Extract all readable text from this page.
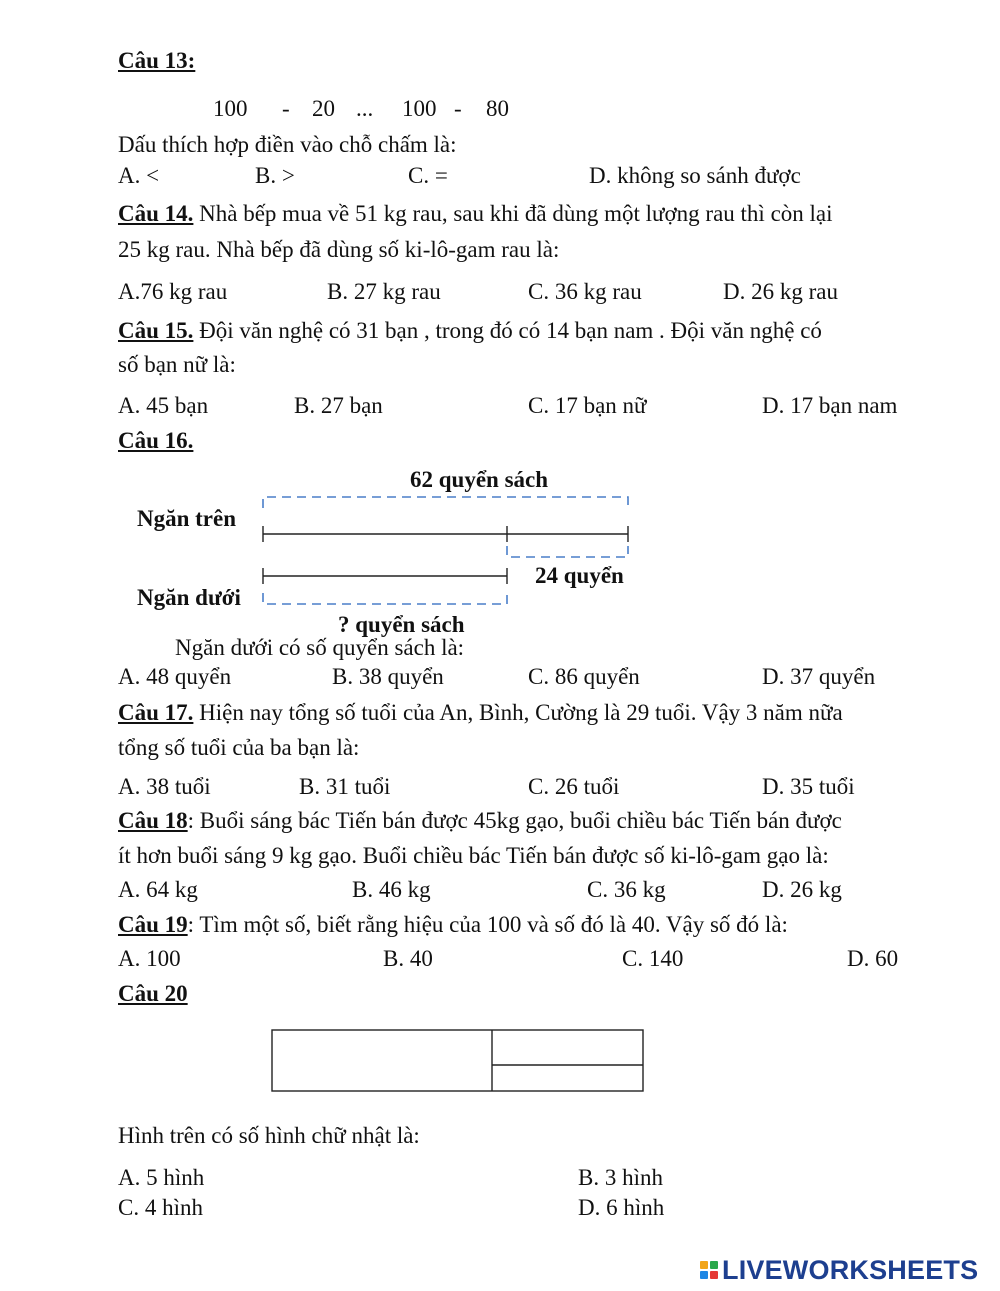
Câu 13:
100 - 20 ... 100 - 80
Dấu thích hợp điền vào chỗ chấm là:
A. <	B. >	C. =	D. không so sánh được
Câu 14. Nhà bếp mua về 51 kg rau, sau khi đã dùng một lượng rau thì còn lại
25 kg rau. Nhà bếp đã dùng số ki-lô-gam rau là:
A.76 kg rau	B. 27 kg rau	C. 36 kg rau	D. 26 kg rau
Câu 15. Đội văn nghệ có 31 bạn , trong đó có 14 bạn nam . Đội văn nghệ có
số bạn nữ là:
A. 45 bạn	B. 27 bạn	C. 17 bạn nữ	D. 17 bạn nam
Câu 16.
62 quyển sách
Ngăn trên
24 quyển
Ngăn dưới
? quyển sách
Ngăn dưới có số quyển sách là:
A. 48 quyển	B. 38 quyển	C. 86 quyển	D. 37 quyển
Câu 17. Hiện nay tổng số tuổi của An, Bình, Cường là 29 tuổi. Vậy 3 năm nữa
tổng số tuổi của ba bạn là:
A. 38 tuổi	B. 31 tuổi	C. 26 tuổi	D. 35 tuổi
Câu 18: Buổi sáng bác Tiến bán được 45kg gạo, buổi chiều bác Tiến bán được
ít hơn buổi sáng 9 kg gạo. Buổi chiều bác Tiến bán được số ki-lô-gam gạo là:
A. 64 kg	B. 46 kg	C. 36 kg	D. 26 kg
Câu 19: Tìm một số, biết rằng hiệu của 100 và số đó là 40. Vậy số đó là:
A. 100	B. 40	C. 140	D. 60
Câu 20
Hình trên có số hình chữ nhật là:
A. 5 hình	B. 3 hình
C. 4 hình	D. 6 hình
LIVEWORKSHEETS
